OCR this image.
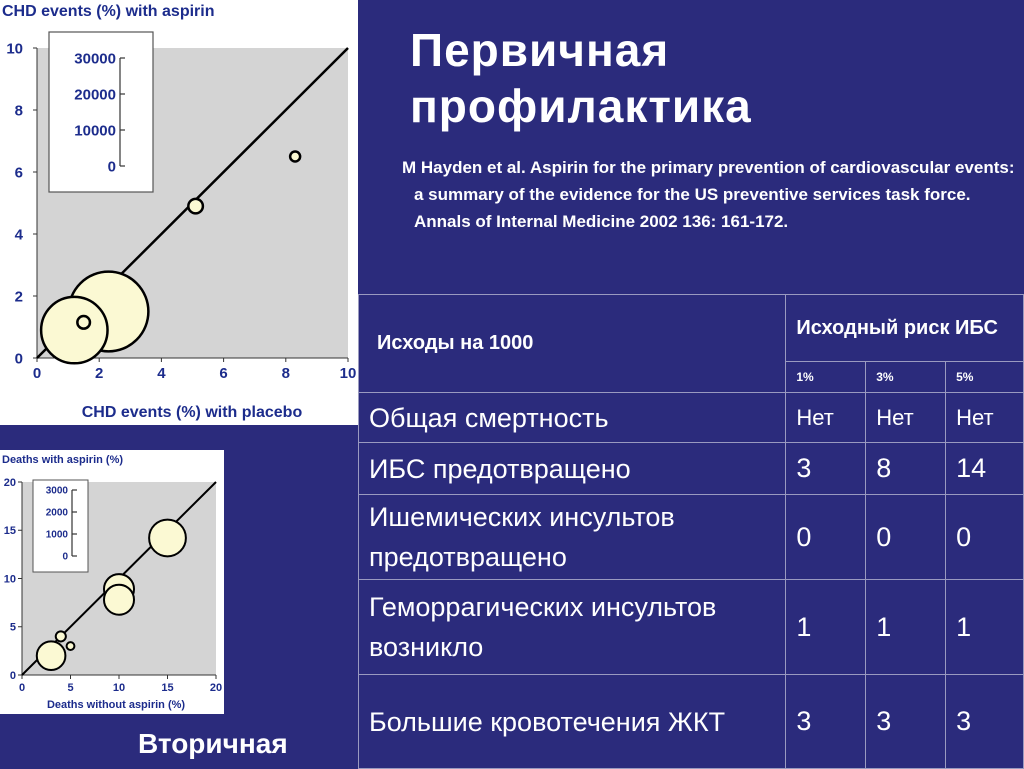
Первичная
профилактика
M Hayden et al. Aspirin for the primary prevention of cardiovascular events: a summary of the evidence for the US preventive services task force. Annals of Internal Medicine 2002 136: 161-172.
CHD events (%) with aspirin
CHD events (%) with placebo
0
2
4
6
8
10
0	2	4	6	8	10
30000
20000
10000
0
Deaths with aspirin (%)
Deaths without aspirin (%)
0
5
10
15
20
0	5	10	15	20
3000
2000
1000
0
Вторичная
Исходы на 1000	Исходный риск ИБС		
	1%	3%	5%
Общая смертность	Нет	Нет	Нет
ИБС предотвращено	3	8	14
Ишемических инсультов предотвращено	0	0	0
Геморрагических инсультов возникло	1	1	1
Большие кровотечения ЖКТ	3	3	3
